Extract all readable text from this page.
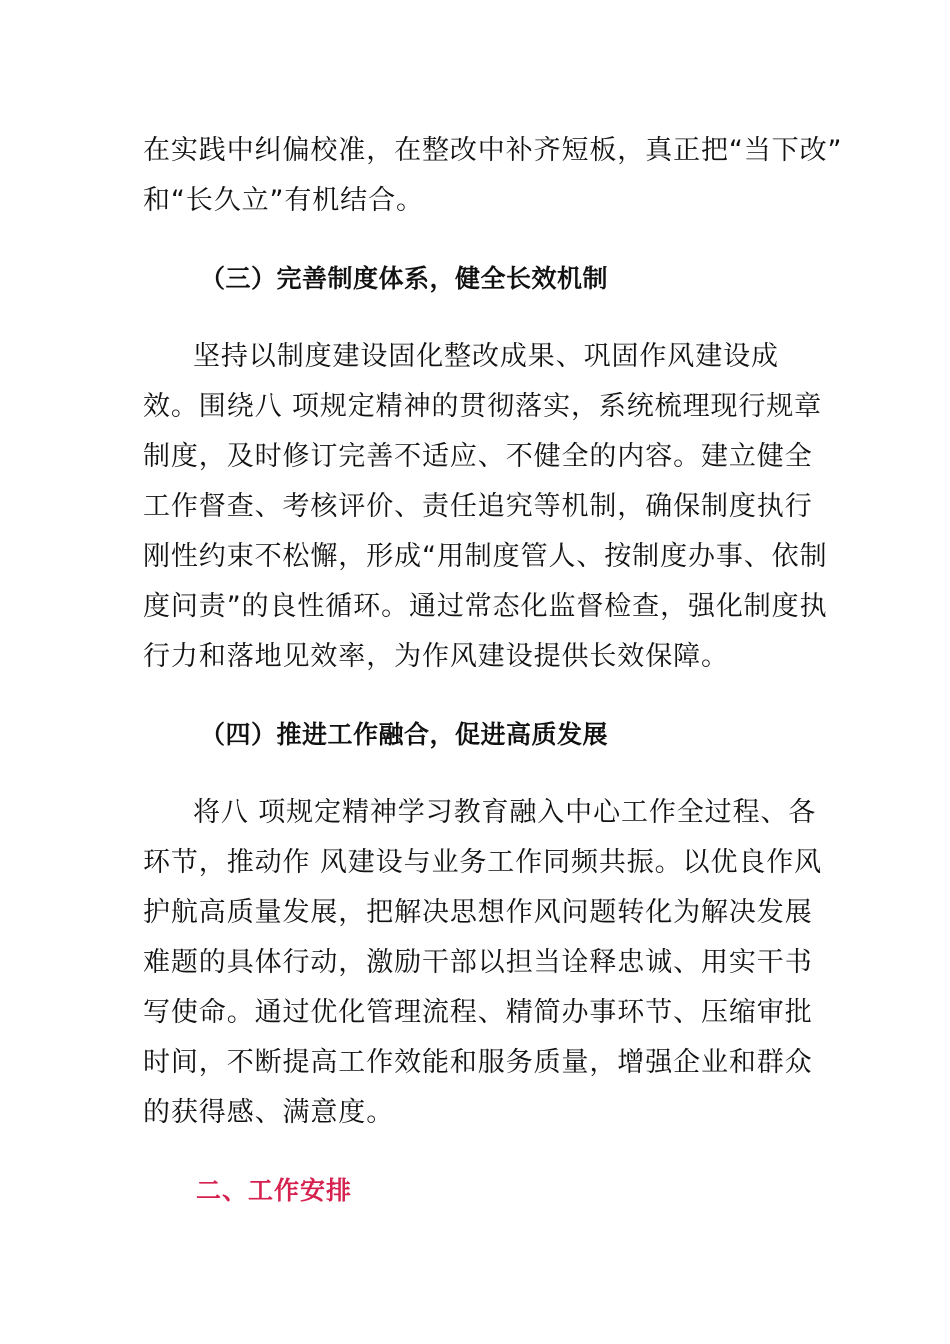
在实践中纠偏校准，在整改中补齐短板，真正把“当下改”
和“长久立”有机结合。
（三）完善制度体系，健全长效机制
坚持以制度建设固化整改成果、巩固作风建设成
效。围绕八 项规定精神的贯彻落实，系统梳理现行规章
制度，及时修订完善不适应、不健全的内容。建立健全
工作督查、考核评价、责任追究等机制，确保制度执行
刚性约束不松懈，形成“用制度管人、按制度办事、依制
度问责”的良性循环。通过常态化监督检查，强化制度执
行力和落地见效率，为作风建设提供长效保障。
（四）推进工作融合，促进高质发展
将八 项规定精神学习教育融入中心工作全过程、各
环节，推动作 风建设与业务工作同频共振。以优良作风
护航高质量发展，把解决思想作风问题转化为解决发展
难题的具体行动，激励干部以担当诠释忠诚、用实干书
写使命。通过优化管理流程、精简办事环节、压缩审批
时间，不断提高工作效能和服务质量，增强企业和群众
的获得感、满意度。
二、工作安排
